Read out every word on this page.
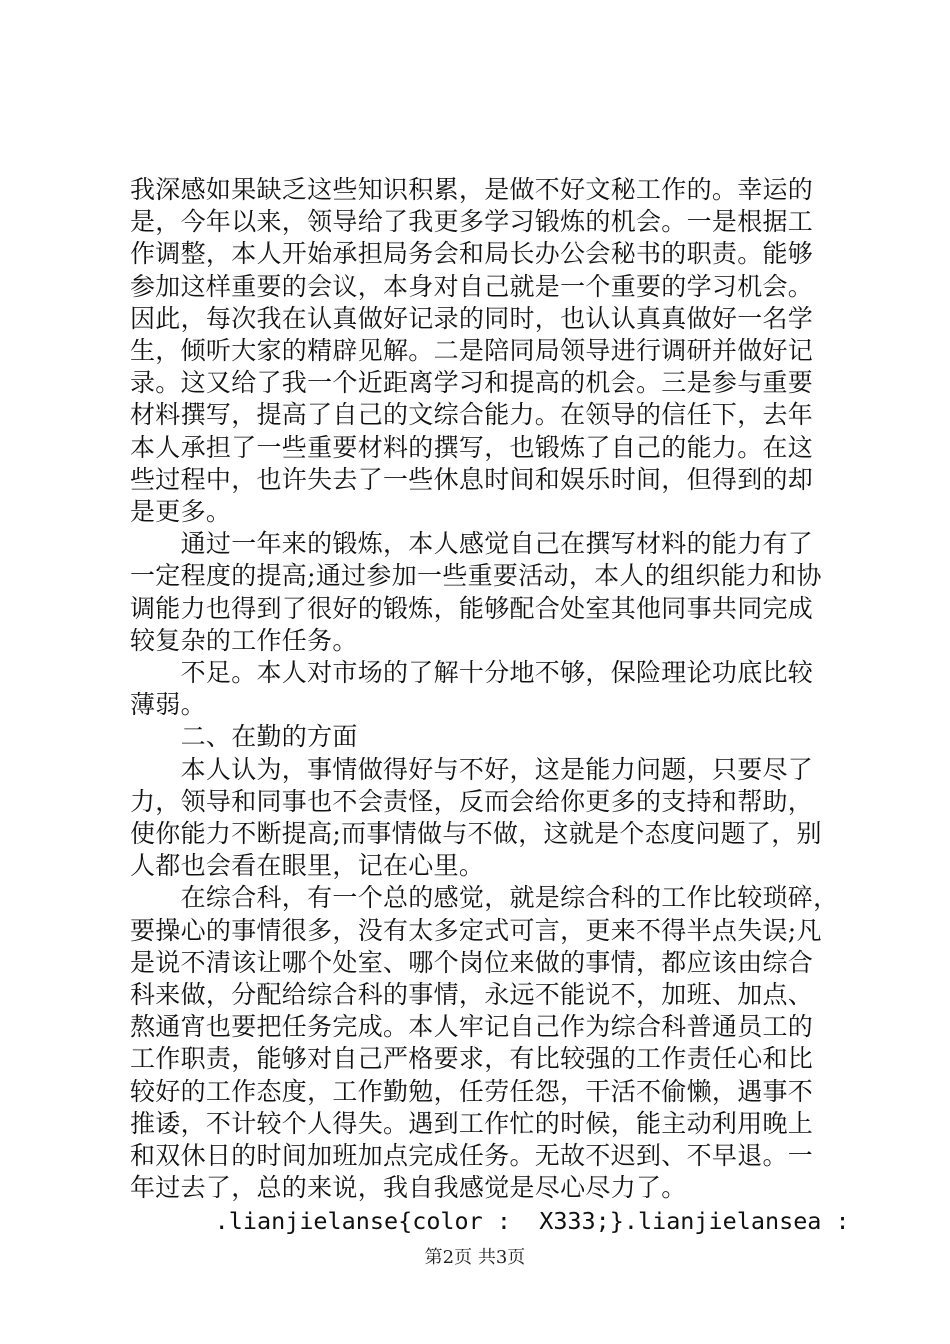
我深感如果缺乏这些知识积累，是做不好文秘工作的。幸运的
是，今年以来，领导给了我更多学习锻炼的机会。一是根据工
作调整，本人开始承担局务会和局长办公会秘书的职责。能够
参加这样重要的会议，本身对自己就是一个重要的学习机会。
因此，每次我在认真做好记录的同时，也认认真真做好一名学
生，倾听大家的精辟见解。二是陪同局领导进行调研并做好记
录。这又给了我一个近距离学习和提高的机会。三是参与重要
材料撰写，提高了自己的文综合能力。在领导的信任下，去年
本人承担了一些重要材料的撰写，也锻炼了自己的能力。在这
些过程中，也许失去了一些休息时间和娱乐时间，但得到的却
是更多。
　　通过一年来的锻炼，本人感觉自己在撰写材料的能力有了
一定程度的提高;通过参加一些重要活动，本人的组织能力和协
调能力也得到了很好的锻炼，能够配合处室其他同事共同完成
较复杂的工作任务。
　　不足。本人对市场的了解十分地不够，保险理论功底比较
薄弱。
　　二、在勤的方面
　　本人认为，事情做得好与不好，这是能力问题，只要尽了
力，领导和同事也不会责怪，反而会给你更多的支持和帮助，
使你能力不断提高;而事情做与不做，这就是个态度问题了，别
人都也会看在眼里，记在心里。
　　在综合科，有一个总的感觉，就是综合科的工作比较琐碎，
要操心的事情很多，没有太多定式可言，更来不得半点失误;凡
是说不清该让哪个处室、哪个岗位来做的事情，都应该由综合
科来做，分配给综合科的事情，永远不能说不，加班、加点、
熬通宵也要把任务完成。本人牢记自己作为综合科普通员工的
工作职责，能够对自己严格要求，有比较强的工作责任心和比
较好的工作态度，工作勤勉，任劳任怨，干活不偷懒，遇事不
推诿，不计较个人得失。遇到工作忙的时候，能主动利用晚上
和双休日的时间加班加点完成任务。无故不迟到、不早退。一
年过去了，总的来说，我自我感觉是尽心尽力了。
.lianjielanse{color :  X333;}.lianjielansea :
第2页 共3页
